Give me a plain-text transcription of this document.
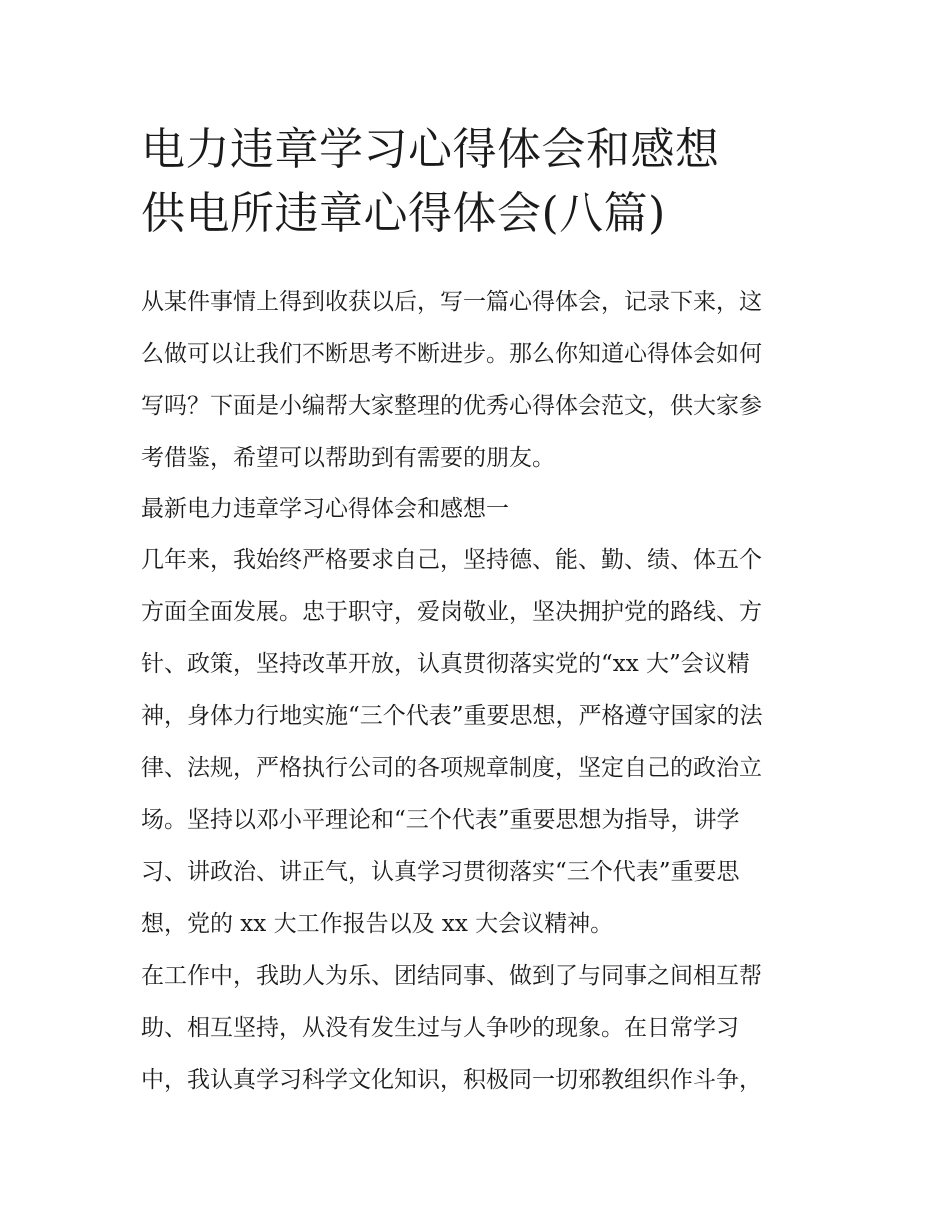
电力违章学习心得体会和感想
供电所违章心得体会(八篇)
从某件事情上得到收获以后，写一篇心得体会，记录下来，这
么做可以让我们不断思考不断进步。那么你知道心得体会如何
写吗？下面是小编帮大家整理的优秀心得体会范文，供大家参
考借鉴，希望可以帮助到有需要的朋友。
最新电力违章学习心得体会和感想一
几年来，我始终严格要求自己，坚持德、能、勤、绩、体五个
方面全面发展。忠于职守，爱岗敬业，坚决拥护党的路线、方
针、政策，坚持改革开放，认真贯彻落实党的“xx 大”会议精
神，身体力行地实施“三个代表”重要思想，严格遵守国家的法
律、法规，严格执行公司的各项规章制度，坚定自己的政治立
场。坚持以邓小平理论和“三个代表”重要思想为指导，讲学
习、讲政治、讲正气，认真学习贯彻落实“三个代表”重要思
想，党的 xx 大工作报告以及 xx 大会议精神。
在工作中，我助人为乐、团结同事、做到了与同事之间相互帮
助、相互坚持，从没有发生过与人争吵的现象。在日常学习
中，我认真学习科学文化知识，积极同一切邪教组织作斗争，
